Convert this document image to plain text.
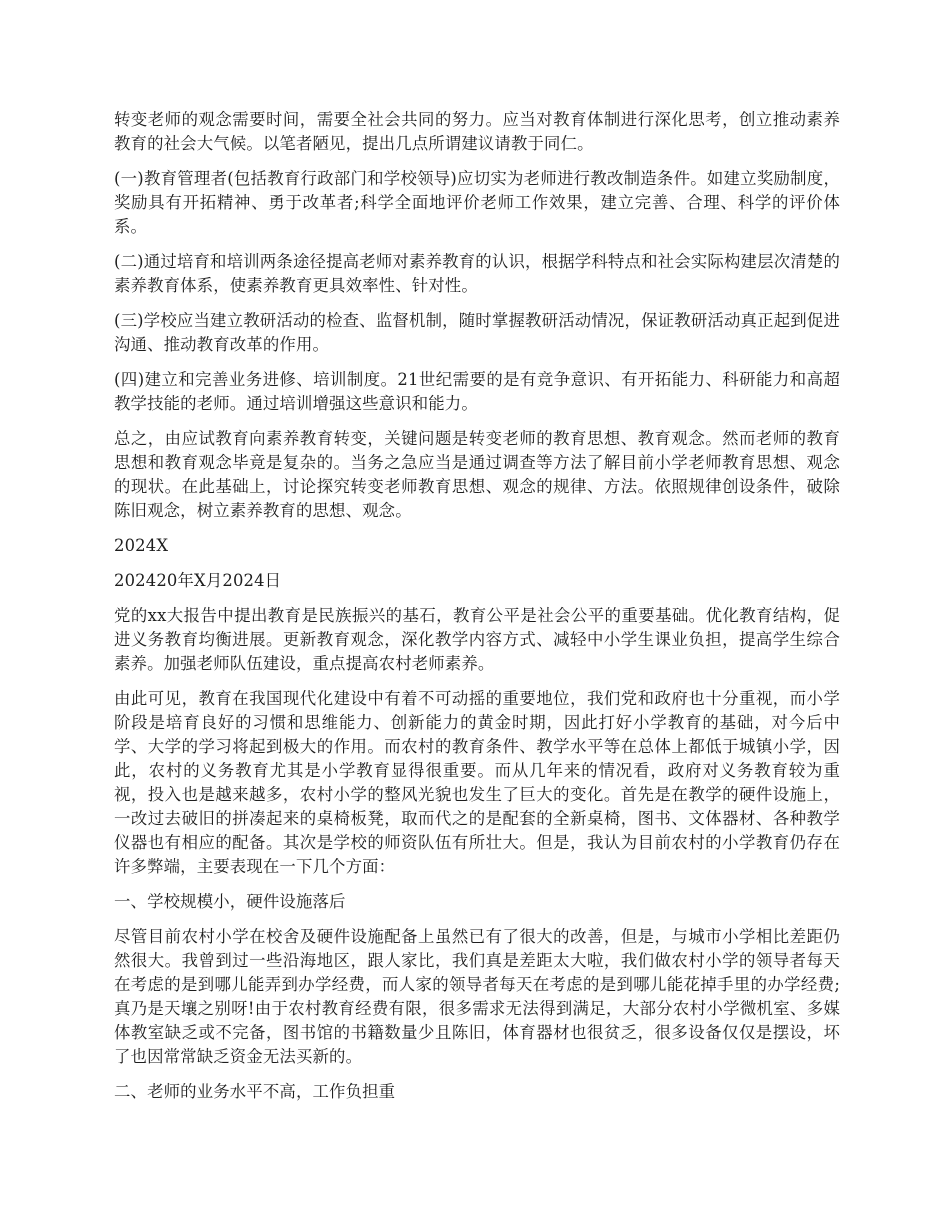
转变老师的观念需要时间，需要全社会共同的努力。应当对教育体制进行深化思考，创立推动素养教育的社会大气候。以笔者陋见，提出几点所谓建议请教于同仁。

(一)教育管理者(包括教育行政部门和学校领导)应切实为老师进行教改制造条件。如建立奖励制度，奖励具有开拓精神、勇于改革者;科学全面地评价老师工作效果，建立完善、合理、科学的评价体系。

(二)通过培育和培训两条途径提高老师对素养教育的认识，根据学科特点和社会实际构建层次清楚的素养教育体系，使素养教育更具效率性、针对性。

(三)学校应当建立教研活动的检查、监督机制，随时掌握教研活动情况，保证教研活动真正起到促进沟通、推动教育改革的作用。

(四)建立和完善业务进修、培训制度。21世纪需要的是有竞争意识、有开拓能力、科研能力和高超教学技能的老师。通过培训增强这些意识和能力。

总之，由应试教育向素养教育转变，关键问题是转变老师的教育思想、教育观念。然而老师的教育思想和教育观念毕竟是复杂的。当务之急应当是通过调查等方法了解目前小学老师教育思想、观念的现状。在此基础上，讨论探究转变老师教育思想、观念的规律、方法。依照规律创设条件，破除陈旧观念，树立素养教育的思想、观念。

2024X

202420年X月2024日

党的xx大报告中提出教育是民族振兴的基石，教育公平是社会公平的重要基础。优化教育结构，促进义务教育均衡进展。更新教育观念，深化教学内容方式、减轻中小学生课业负担，提高学生综合素养。加强老师队伍建设，重点提高农村老师素养。

由此可见，教育在我国现代化建设中有着不可动摇的重要地位，我们党和政府也十分重视，而小学阶段是培育良好的习惯和思维能力、创新能力的黄金时期，因此打好小学教育的基础，对今后中学、大学的学习将起到极大的作用。而农村的教育条件、教学水平等在总体上都低于城镇小学，因此，农村的义务教育尤其是小学教育显得很重要。而从几年来的情况看，政府对义务教育较为重视，投入也是越来越多，农村小学的整风光貌也发生了巨大的变化。首先是在教学的硬件设施上，一改过去破旧的拼凑起来的桌椅板凳，取而代之的是配套的全新桌椅，图书、文体器材、各种教学仪器也有相应的配备。其次是学校的师资队伍有所壮大。但是，我认为目前农村的小学教育仍存在许多弊端，主要表现在一下几个方面：

一、学校规模小，硬件设施落后

尽管目前农村小学在校舍及硬件设施配备上虽然已有了很大的改善，但是，与城市小学相比差距仍然很大。我曾到过一些沿海地区，跟人家比，我们真是差距太大啦，我们做农村小学的领导者每天在考虑的是到哪儿能弄到办学经费，而人家的领导者每天在考虑的是到哪儿能花掉手里的办学经费;真乃是天壤之别呀!由于农村教育经费有限，很多需求无法得到满足，大部分农村小学微机室、多媒体教室缺乏或不完备，图书馆的书籍数量少且陈旧，体育器材也很贫乏，很多设备仅仅是摆设，坏了也因常常缺乏资金无法买新的。

二、老师的业务水平不高，工作负担重
